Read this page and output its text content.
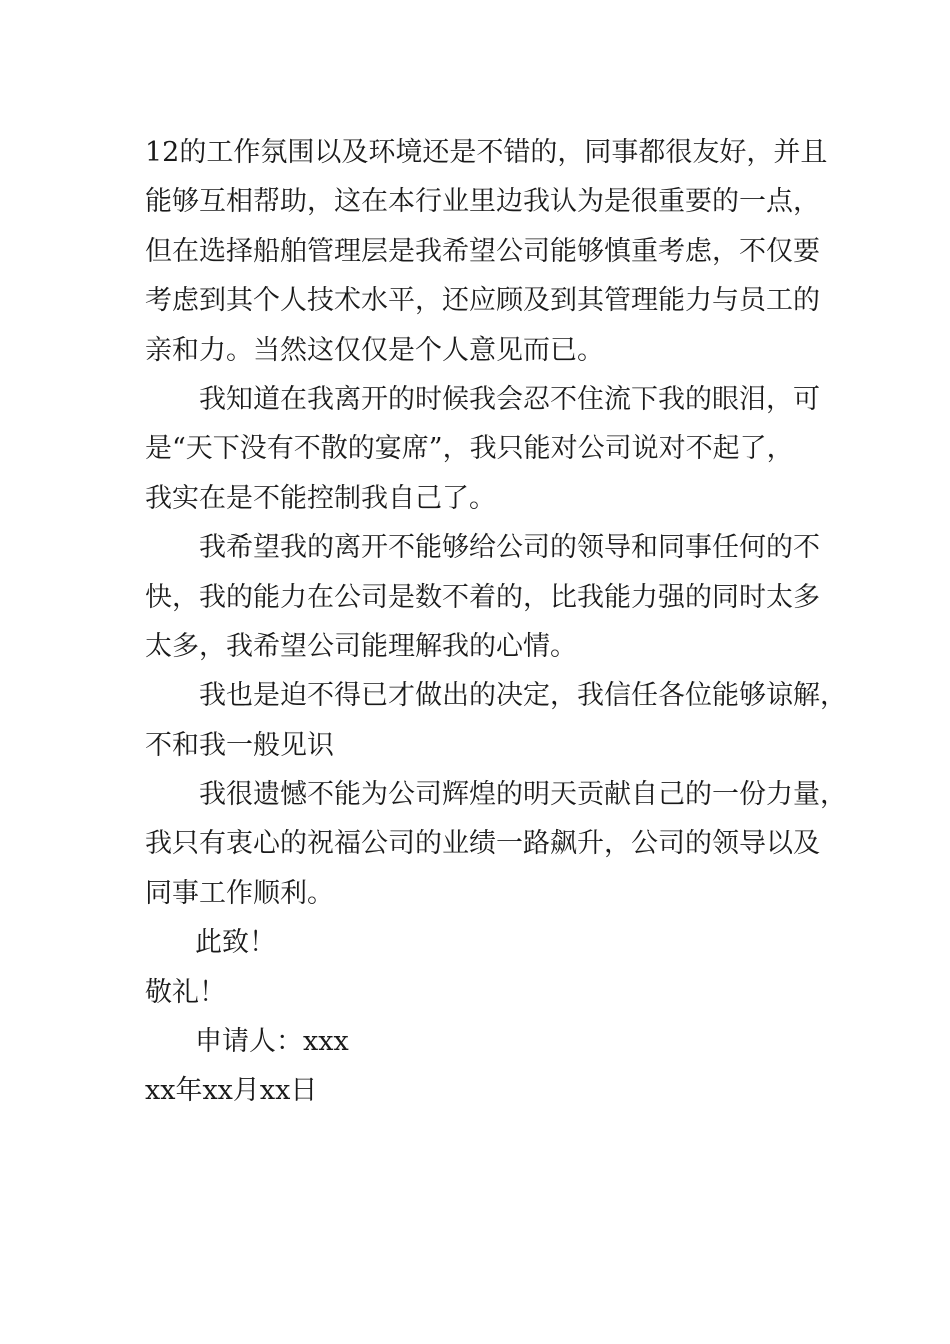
12的工作氛围以及环境还是不错的，同事都很友好，并且
能够互相帮助，这在本行业里边我认为是很重要的一点，
但在选择船舶管理层是我希望公司能够慎重考虑，不仅要
考虑到其个人技术水平，还应顾及到其管理能力与员工的
亲和力。当然这仅仅是个人意见而已。
我知道在我离开的时候我会忍不住流下我的眼泪，可
是“天下没有不散的宴席”，我只能对公司说对不起了，
我实在是不能控制我自己了。
我希望我的离开不能够给公司的领导和同事任何的不
快，我的能力在公司是数不着的，比我能力强的同时太多
太多，我希望公司能理解我的心情。
我也是迫不得已才做出的决定，我信任各位能够谅解，
不和我一般见识
我很遗憾不能为公司辉煌的明天贡献自己的一份力量，
我只有衷心的祝福公司的业绩一路飙升，公司的领导以及
同事工作顺利。
此致！
敬礼！
申请人：xxx
xx年xx月xx日
